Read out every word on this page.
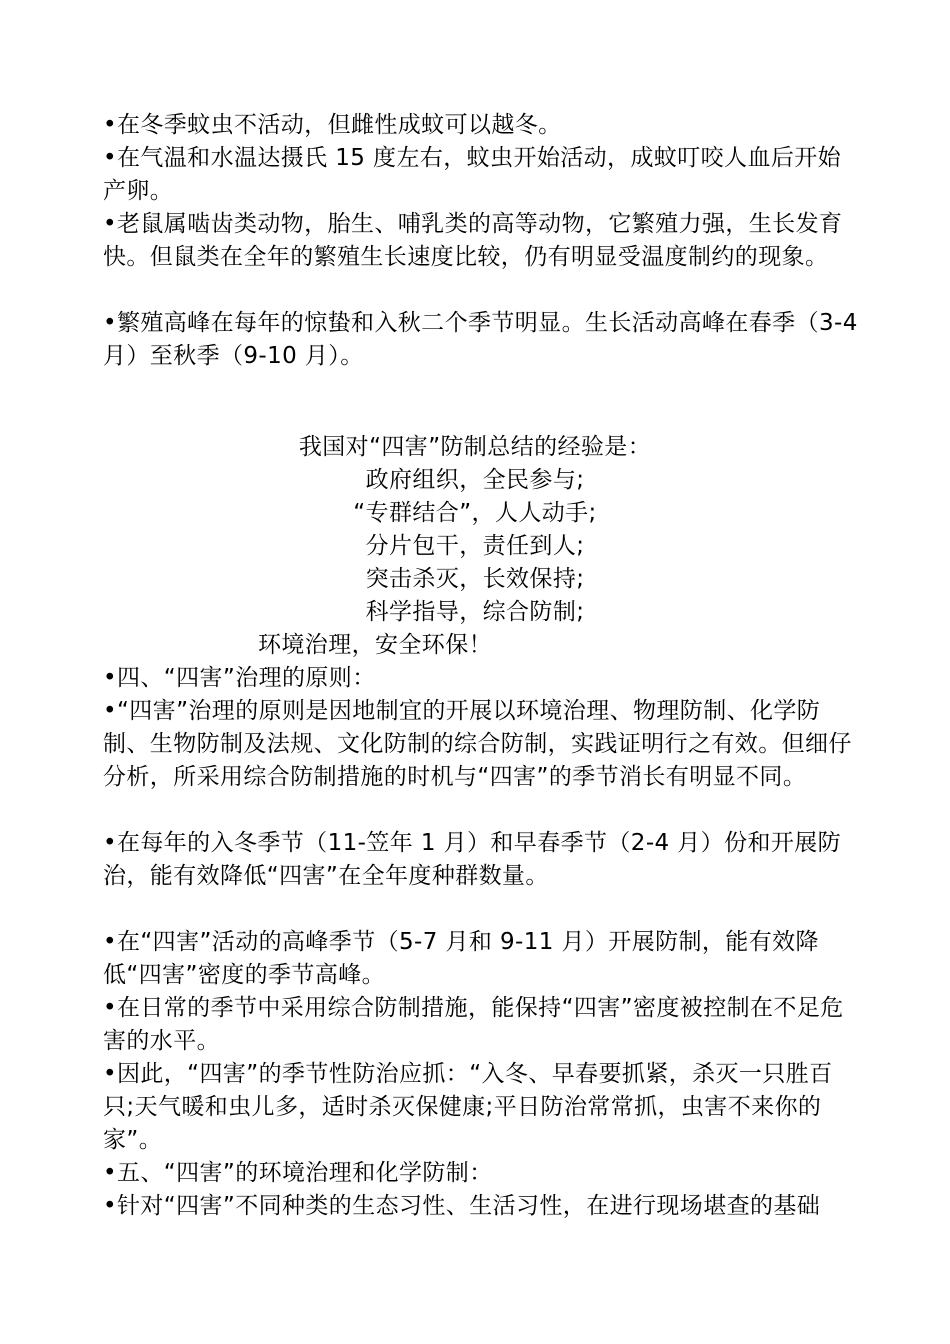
•在冬季蚊虫不活动，但雌性成蚊可以越冬。

•在气温和水温达摄氏 15 度左右，蚊虫开始活动，成蚊叮咬人血后开始产卵。

•老鼠属啮齿类动物，胎生、哺乳类的高等动物，它繁殖力强，生长发育快。但鼠类在全年的繁殖生长速度比较，仍有明显受温度制约的现象。

•繁殖高峰在每年的惊蛰和入秋二个季节明显。生长活动高峰在春季（3-4 月）至秋季（9-10 月）。

我国对“四害”防制总结的经验是：

政府组织，全民参与;

“专群结合”，人人动手;

分片包干，责任到人;

突击杀灭，长效保持;

科学指导，综合防制;

环境治理，安全环保！

•四、“四害”治理的原则：

•“四害”治理的原则是因地制宜的开展以环境治理、物理防制、化学防制、生物防制及法规、文化防制的综合防制，实践证明行之有效。但细仔分析，所采用综合防制措施的时机与“四害”的季节消长有明显不同。

•在每年的入冬季节（11-笠年 1 月）和早春季节（2-4 月）份和开展防治，能有效降低“四害”在全年度种群数量。

•在“四害”活动的高峰季节（5-7 月和 9-11 月）开展防制，能有效降低“四害”密度的季节高峰。

•在日常的季节中采用综合防制措施，能保持“四害”密度被控制在不足危害的水平。

•因此，“四害”的季节性防治应抓：“入冬、早春要抓紧，杀灭一只胜百只;天气暖和虫儿多，适时杀灭保健康;平日防治常常抓，虫害不来你的家”。

•五、“四害”的环境治理和化学防制：

•针对“四害”不同种类的生态习性、生活习性，在进行现场堪查的基础
